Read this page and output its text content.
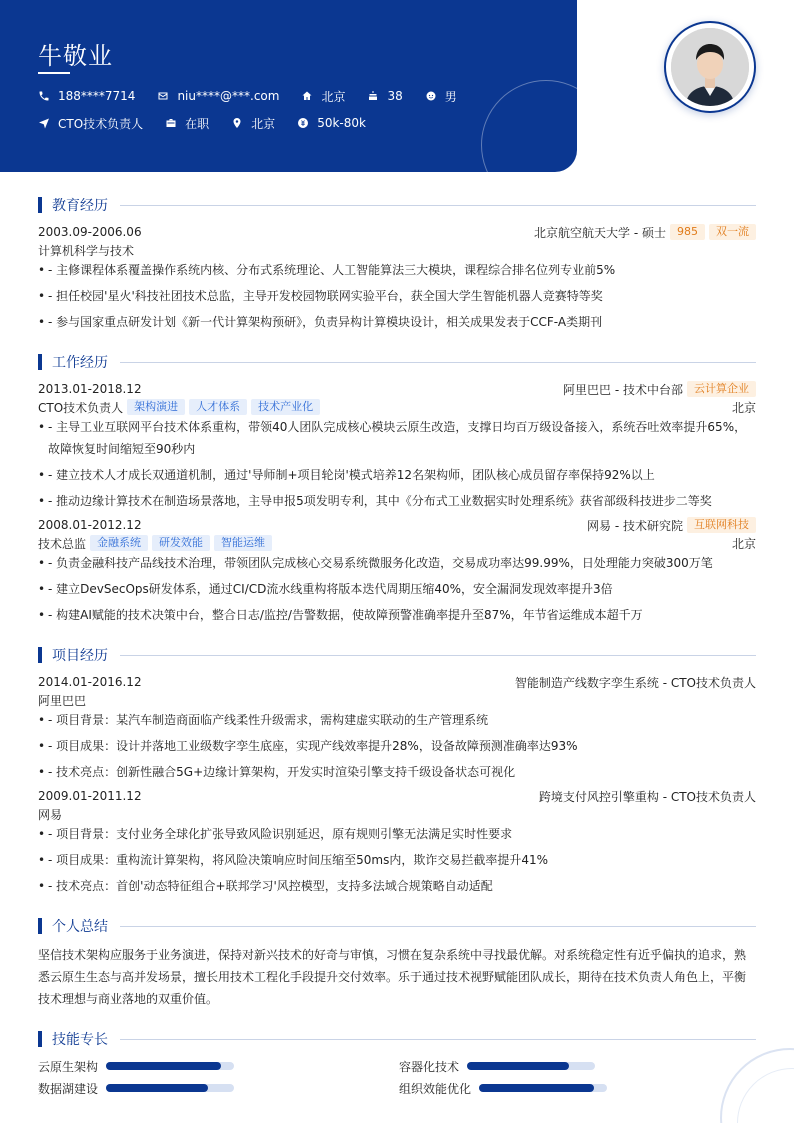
牛敬业
188****7714	niu****@***.com	北京	38	男
CTO技术负责人	在职	北京	50k-80k
教育经历
2003.09-2006.06	北京航空航天大学 - 硕士	985	双一流
计算机科学与技术
• - 主修课程体系覆盖操作系统内核、分布式系统理论、人工智能算法三大模块，课程综合排名位列专业前5%
• - 担任校园'星火'科技社团技术总监，主导开发校园物联网实验平台，获全国大学生智能机器人竞赛特等奖
• - 参与国家重点研发计划《新一代计算架构预研》，负责异构计算模块设计，相关成果发表于CCF-A类期刊
工作经历
2013.01-2018.12	阿里巴巴 - 技术中台部	云计算企业
CTO技术负责人	架构演进	人才体系	技术产业化	北京
• - 主导工业互联网平台技术体系重构，带领40人团队完成核心模块云原生改造，支撑日均百万级设备接入，系统吞吐效率提升65%，故障恢复时间缩短至90秒内
• - 建立技术人才成长双通道机制，通过'导师制+项目轮岗'模式培养12名架构师，团队核心成员留存率保持92%以上
• - 推动边缘计算技术在制造场景落地，主导申报5项发明专利，其中《分布式工业数据实时处理系统》获省部级科技进步二等奖
2008.01-2012.12	网易 - 技术研究院	互联网科技
技术总监	金融系统	研发效能	智能运维	北京
• - 负责金融科技产品线技术治理，带领团队完成核心交易系统微服务化改造，交易成功率达99.99%，日处理能力突破300万笔
• - 建立DevSecOps研发体系，通过CI/CD流水线重构将版本迭代周期压缩40%，安全漏洞发现效率提升3倍
• - 构建AI赋能的技术决策中台，整合日志/监控/告警数据，使故障预警准确率提升至87%，年节省运维成本超千万
项目经历
2014.01-2016.12	智能制造产线数字孪生系统 - CTO技术负责人
阿里巴巴
• - 项目背景：某汽车制造商面临产线柔性升级需求，需构建虚实联动的生产管理系统
• - 项目成果：设计并落地工业级数字孪生底座，实现产线效率提升28%，设备故障预测准确率达93%
• - 技术亮点：创新性融合5G+边缘计算架构，开发实时渲染引擎支持千级设备状态可视化
2009.01-2011.12	跨境支付风控引擎重构 - CTO技术负责人
网易
• - 项目背景：支付业务全球化扩张导致风险识别延迟，原有规则引擎无法满足实时性要求
• - 项目成果：重构流计算架构，将风险决策响应时间压缩至50ms内，欺诈交易拦截率提升41%
• - 技术亮点：首创'动态特征组合+联邦学习'风控模型，支持多法域合规策略自动适配
个人总结
坚信技术架构应服务于业务演进，保持对新兴技术的好奇与审慎，习惯在复杂系统中寻找最优解。对系统稳定性有近乎偏执的追求，熟悉云原生生态与高并发场景，擅长用技术工程化手段提升交付效率。乐于通过技术视野赋能团队成长，期待在技术负责人角色上，平衡技术理想与商业落地的双重价值。
技能专长
云原生架构	容器化技术
数据湖建设	组织效能优化
